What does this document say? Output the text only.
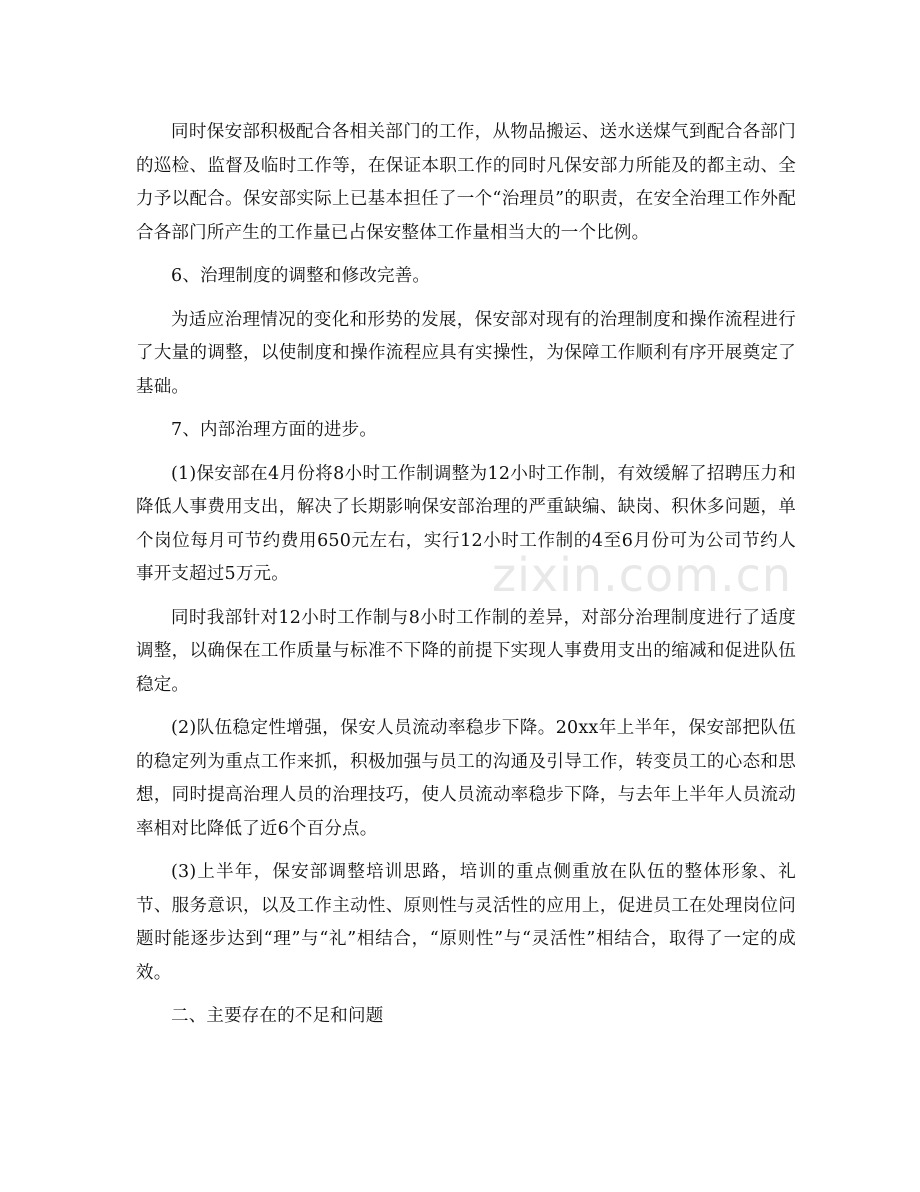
同时保安部积极配合各相关部门的工作，从物品搬运、送水送煤气到配合各部门的巡检、监督及临时工作等，在保证本职工作的同时凡保安部力所能及的都主动、全力予以配合。保安部实际上已基本担任了一个“治理员”的职责，在安全治理工作外配合各部门所产生的工作量已占保安整体工作量相当大的一个比例。

6、治理制度的调整和修改完善。

为适应治理情况的变化和形势的发展，保安部对现有的治理制度和操作流程进行了大量的调整，以使制度和操作流程应具有实操性，为保障工作顺利有序开展奠定了基础。

7、内部治理方面的进步。

(1)保安部在4月份将8小时工作制调整为12小时工作制，有效缓解了招聘压力和降低人事费用支出，解决了长期影响保安部治理的严重缺编、缺岗、积休多问题，单个岗位每月可节约费用650元左右，实行12小时工作制的4至6月份可为公司节约人事开支超过5万元。

同时我部针对12小时工作制与8小时工作制的差异，对部分治理制度进行了适度调整，以确保在工作质量与标准不下降的前提下实现人事费用支出的缩减和促进队伍稳定。

(2)队伍稳定性增强，保安人员流动率稳步下降。20xx年上半年，保安部把队伍的稳定列为重点工作来抓，积极加强与员工的沟通及引导工作，转变员工的心态和思想，同时提高治理人员的治理技巧，使人员流动率稳步下降，与去年上半年人员流动率相对比降低了近6个百分点。

(3)上半年，保安部调整培训思路，培训的重点侧重放在队伍的整体形象、礼节、服务意识，以及工作主动性、原则性与灵活性的应用上，促进员工在处理岗位问题时能逐步达到“理”与“礼”相结合，“原则性”与“灵活性”相结合，取得了一定的成效。

二、主要存在的不足和问题

zixin.com.cn
